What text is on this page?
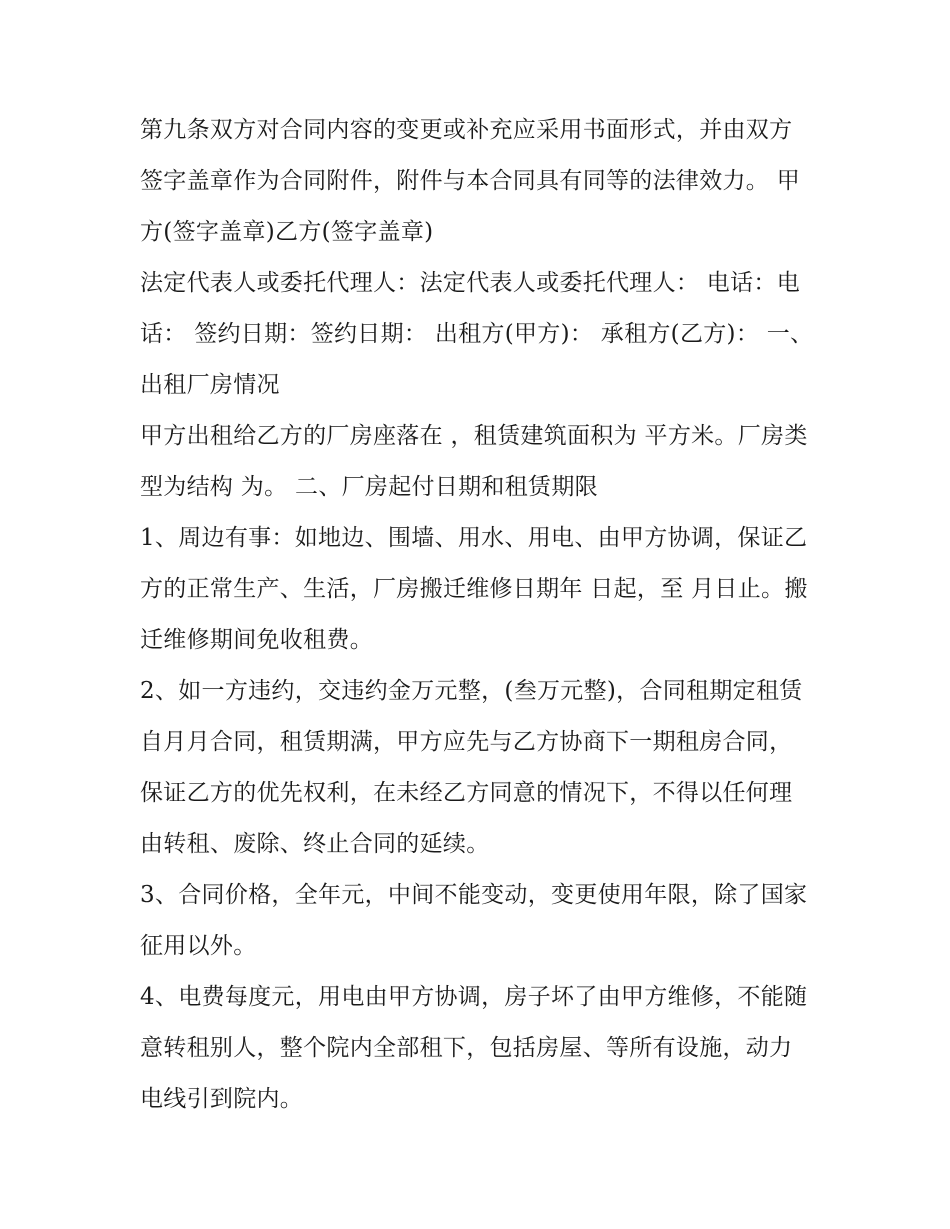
第九条双方对合同内容的变更或补充应采用书面形式，并由双方签字盖章作为合同附件，附件与本合同具有同等的法律效力。 甲方(签字盖章)乙方(签字盖章)

法定代表人或委托代理人：法定代表人或委托代理人： 电话：电话： 签约日期：签约日期： 出租方(甲方)： 承租方(乙方)： 一、出租厂房情况

甲方出租给乙方的厂房座落在 ，租赁建筑面积为 平方米。厂房类型为结构 为。 二、厂房起付日期和租赁期限

1、周边有事：如地边、围墙、用水、用电、由甲方协调，保证乙方的正常生产、生活，厂房搬迁维修日期年 日起，至 月日止。搬迁维修期间免收租费。

2、如一方违约，交违约金万元整，(叁万元整)，合同租期定租赁自月月合同，租赁期满，甲方应先与乙方协商下一期租房合同，保证乙方的优先权利，在未经乙方同意的情况下，不得以任何理由转租、废除、终止合同的延续。

3、合同价格，全年元，中间不能变动，变更使用年限，除了国家征用以外。

4、电费每度元，用电由甲方协调，房子坏了由甲方维修，不能随意转租别人，整个院内全部租下，包括房屋、等所有设施，动力电线引到院内。
